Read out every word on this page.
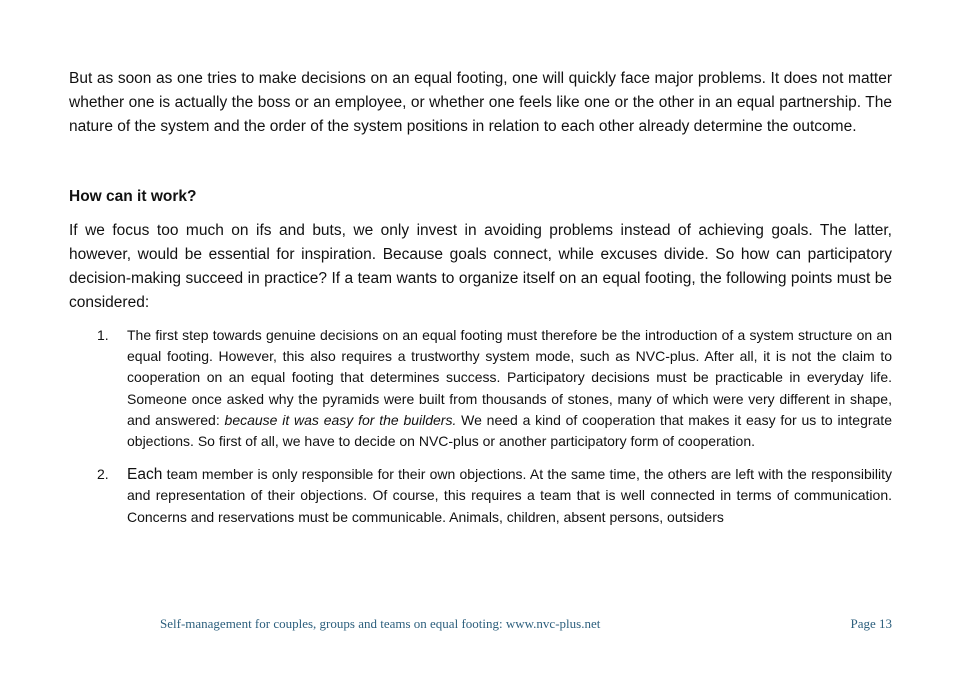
But as soon as one tries to make decisions on an equal footing, one will quickly face major problems. It does not matter whether one is actually the boss or an employee, or whether one feels like one or the other in an equal partnership. The nature of the system and the order of the system positions in relation to each other already determine the outcome.

How can it work?

If we focus too much on ifs and buts, we only invest in avoiding problems instead of achieving goals. The latter, however, would be essential for inspiration. Because goals connect, while excuses divide. So how can participatory decision-making succeed in practice? If a team wants to organize itself on an equal footing, the following points must be considered:

1. The first step towards genuine decisions on an equal footing must therefore be the introduction of a system structure on an equal footing. However, this also requires a trustworthy system mode, such as NVC-plus. After all, it is not the claim to cooperation on an equal footing that determines success. Participatory decisions must be practicable in everyday life. Someone once asked why the pyramids were built from thousands of stones, many of which were very different in shape, and answered: because it was easy for the builders. We need a kind of cooperation that makes it easy for us to integrate objections. So first of all, we have to decide on NVC-plus or another participatory form of cooperation.
2. Each team member is only responsible for their own objections. At the same time, the others are left with the responsibility and representation of their objections. Of course, this requires a team that is well connected in terms of communication. Concerns and reservations must be communicable. Animals, children, absent persons, outsiders
Self-management for couples, groups and teams on equal footing: www.nvc-plus.net	Page 13
